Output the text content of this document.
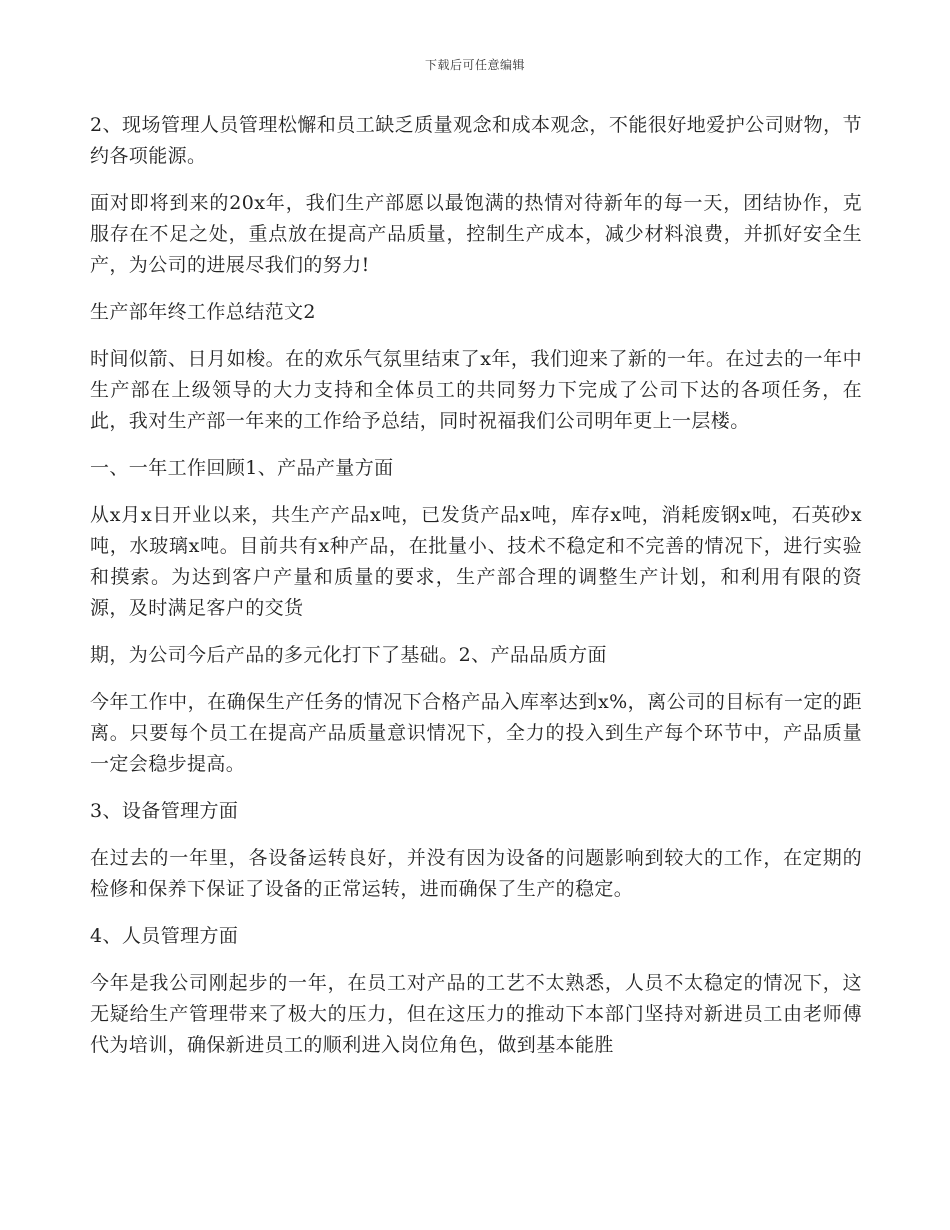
下载后可任意编辑

2、现场管理人员管理松懈和员工缺乏质量观念和成本观念，不能很好地爱护公司财物，节约各项能源。

面对即将到来的20x年，我们生产部愿以最饱满的热情对待新年的每一天，团结协作，克服存在不足之处，重点放在提高产品质量，控制生产成本，减少材料浪费，并抓好安全生产，为公司的进展尽我们的努力!

生产部年终工作总结范文2

时间似箭、日月如梭。在的欢乐气氛里结束了x年，我们迎来了新的一年。在过去的一年中生产部在上级领导的大力支持和全体员工的共同努力下完成了公司下达的各项任务，在此，我对生产部一年来的工作给予总结，同时祝福我们公司明年更上一层楼。

一、一年工作回顾1、产品产量方面

从x月x日开业以来，共生产产品x吨，已发货产品x吨，库存x吨，消耗废钢x吨，石英砂x吨，水玻璃x吨。目前共有x种产品，在批量小、技术不稳定和不完善的情况下，进行实验和摸索。为达到客户产量和质量的要求，生产部合理的调整生产计划，和利用有限的资源，及时满足客户的交货

期，为公司今后产品的多元化打下了基础。2、产品品质方面

今年工作中，在确保生产任务的情况下合格产品入库率达到x%，离公司的目标有一定的距离。只要每个员工在提高产品质量意识情况下，全力的投入到生产每个环节中，产品质量一定会稳步提高。

3、设备管理方面

在过去的一年里，各设备运转良好，并没有因为设备的问题影响到较大的工作，在定期的检修和保养下保证了设备的正常运转，进而确保了生产的稳定。

4、人员管理方面

今年是我公司刚起步的一年，在员工对产品的工艺不太熟悉，人员不太稳定的情况下，这无疑给生产管理带来了极大的压力，但在这压力的推动下本部门坚持对新进员工由老师傅代为培训，确保新进员工的顺利进入岗位角色，做到基本能胜
